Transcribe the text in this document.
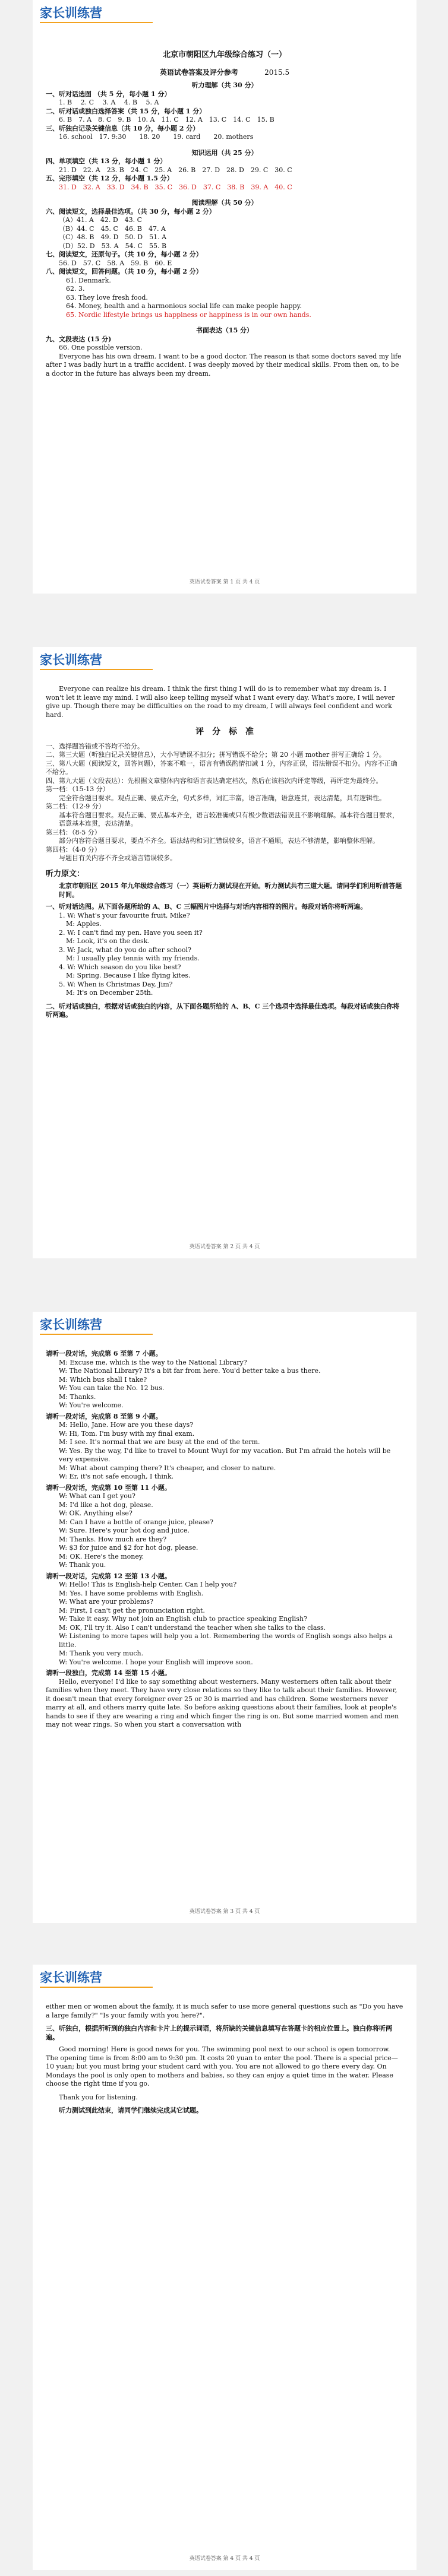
家长训练营

北京市朝阳区九年级综合练习（一）

英语试卷答案及评分参考	2015.5

听力理解（共 30 分）

一、听对话选图 （共 5 分，每小题 1 分）

1. B　 2. C　 3. A　 4. B　 5. A

二、听对话或独白选择答案（共 15 分，每小题 1 分）

6. B　7. A　8. C　9. B　10. A　11. C　12. A　13. C　14. C　15. B

三、听独白记录关键信息（共 10 分，每小题 2 分）

16. school　17. 9:30　　18. 20　　19. card　　20. mothers

知识运用（共 25 分）

四、单项填空（共 13 分，每小题 1 分）

21. D　22. A　23. B　24. C　25. A　26. B　27. D　28. D　29. C　30. C

五、完形填空（共 12 分，每小题 1.5 分）

31. D　32. A　33. D　34. B　35. C　36. D　37. C　38. B　39. A　40. C

阅读理解（共 50 分）

六、阅读短文，选择最佳选项。（共 30 分，每小题 2 分）

（A）41. A　42. D　43. C

（B）44. C　45. C　46. B　47. A

（C）48. B　49. D　50. D　51. A

（D）52. D　53. A　54. C　55. B

七、阅读短文，还原句子。（共 10 分，每小题 2 分）

56. D　57. C　58. A　59. B　60. E

八、阅读短文，回答问题。（共 10 分，每小题 2 分）

61. Denmark.

62. 3.

63. They love fresh food.

64. Money, health and a harmonious social life can make people happy.

65. Nordic lifestyle brings us happiness or happiness is in our own hands.

书面表达（15 分）

九、文段表达 (15 分)

66. One possible version.

Everyone has his own dream. I want to be a good doctor. The reason is that some doctors saved my life after I was badly hurt in a traffic accident. I was deeply moved by their medical skills. From then on, to be a doctor in the future has always been my dream.

英语试卷答案 第 1 页 共 4 页
家长训练营

Everyone can realize his dream. I think the first thing I will do is to remember what my dream is. I won't let it leave my mind. I will also keep telling myself what I want every day. What's more, I will never give up. Though there may be difficulties on the road to my dream, I will always feel confident and work hard.

评　分　标　准

一、选择题答错或不答均不给分。

二、第三大题（听独白记录关键信息），大小写错误不扣分；拼写错误不给分；第 20 小题 mother 拼写正确给 1 分。

三、第八大题（阅读短文，回答问题），答案不唯一，语言有错误酌情扣减 1 分，内容正误，语法错误不扣分。内容不正确不给分。

四、第九大题（文段表达）：先根据文章整体内容和语言表达确定档次，然后在该档次内评定等级，再评定为最终分。

第一档：（15-13 分）

完全符合题目要求。观点正确、要点齐全，句式多样，词汇丰富，语言准确，语意连贯，表达清楚，具有逻辑性。

第二档：（12-9 分）

基本符合题目要求。观点正确、要点基本齐全，语言较准确或只有极少数语法错误且不影响理解。基本符合题目要求，语意基本连贯，表达清楚。

第三档：（8-5 分）

部分内容符合题目要求，要点不齐全。语法结构和词汇错误较多，语言不通顺，表达不够清楚，影响整体理解。

第四档：（4-0 分）

与题目有关内容不齐全或语言错误较多。

听力原文：

北京市朝阳区 2015 年九年级综合练习（一）英语听力测试现在开始。听力测试共有三道大题。请同学们利用听前答题时间。

一、听对话选图。从下面各题所给的 A、B、C 三幅图片中选择与对话内容相符的图片。每段对话你将听两遍。

1. W: What's your favourite fruit, Mike?

M: Apples.

2. W: I can't find my pen. Have you seen it?

M: Look, it's on the desk.

3. W: Jack, what do you do after school?

M: I usually play tennis with my friends.

4. W: Which season do you like best?

M: Spring. Because I like flying kites.

5. W: When is Christmas Day, Jim?

M: It's on December 25th.

二、听对话或独白，根据对话或独白的内容，从下面各题所给的 A、B、C 三个选项中选择最佳选项。每段对话或独白你将听两遍。

英语试卷答案 第 2 页 共 4 页
家长训练营

请听一段对话，完成第 6 至第 7 小题。

M: Excuse me, which is the way to the National Library?

W: The National Library? It's a bit far from here. You'd better take a bus there.

M: Which bus shall I take?

W: You can take the No. 12 bus.

M: Thanks.

W: You're welcome.

请听一段对话，完成第 8 至第 9 小题。

M: Hello, Jane. How are you these days?

W: Hi, Tom. I'm busy with my final exam.

M: I see. It's normal that we are busy at the end of the term.

W: Yes. By the way, I'd like to travel to Mount Wuyi for my vacation. But I'm afraid the hotels will be very expensive.

M: What about camping there? It's cheaper, and closer to nature.

W: Er, it's not safe enough, I think.

请听一段对话，完成第 10 至第 11 小题。

W: What can I get you?

M: I'd like a hot dog, please.

W: OK. Anything else?

M: Can I have a bottle of orange juice, please?

W: Sure. Here's your hot dog and juice.

M: Thanks. How much are they?

W: $3 for juice and $2 for hot dog, please.

M: OK. Here's the money.

W: Thank you.

请听一段对话，完成第 12 至第 13 小题。

W: Hello! This is English-help Center. Can I help you?

M: Yes. I have some problems with English.

W: What are your problems?

M: First, I can't get the pronunciation right.

W: Take it easy. Why not join an English club to practice speaking English?

M: OK, I'll try it. Also I can't understand the teacher when she talks to the class.

W: Listening to more tapes will help you a lot. Remembering the words of English songs also helps a little.

M: Thank you very much.

W: You're welcome. I hope your English will improve soon.

请听一段独白，完成第 14 至第 15 小题。

Hello, everyone! I'd like to say something about westerners. Many westerners often talk about their families when they meet. They have very close relations so they like to talk about their families. However, it doesn't mean that every foreigner over 25 or 30 is married and has children. Some westerners never marry at all, and others marry quite late. So before asking questions about their families, look at people's hands to see if they are wearing a ring and which finger the ring is on. But some married women and men may not wear rings. So when you start a conversation with

英语试卷答案 第 3 页 共 4 页
家长训练营

either men or women about the family, it is much safer to use more general questions such as "Do you have a large family?" "Is your family with you here?".

三、听独白，根据所听到的独白内容和卡片上的提示词语，将所缺的关键信息填写在答题卡的相应位置上。独白你将听两遍。

Good morning! Here is good news for you. The swimming pool next to our school is open tomorrow. The opening time is from 8:00 am to 9:30 pm. It costs 20 yuan to enter the pool. There is a special price—10 yuan; but you must bring your student card with you. You are not allowed to go there every day. On Mondays the pool is only open to mothers and babies, so they can enjoy a quiet time in the water. Please choose the right time if you go.

Thank you for listening.

听力测试到此结束，请同学们继续完成其它试题。

英语试卷答案 第 4 页 共 4 页
